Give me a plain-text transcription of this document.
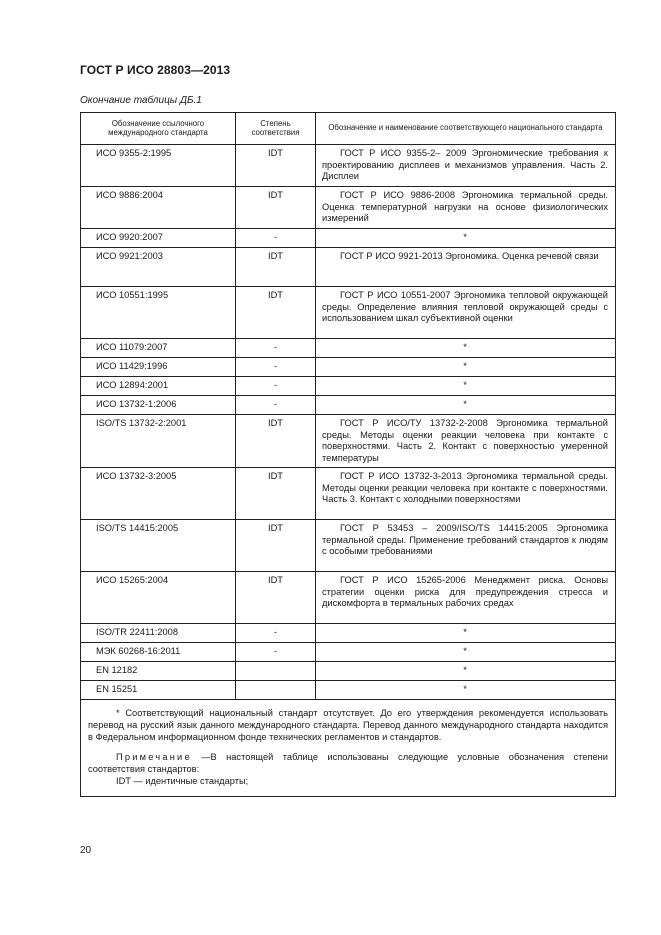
ГОСТ Р ИСО 28803—2013
Окончание таблицы ДБ.1
Обозначение ссылочного международного стандарта	Степень соответствия	Обозначение и наименование соответствующего национального стандарта
ИСО 9355-2:1995	IDT	ГОСТ Р ИСО 9355-2– 2009 Эргономические требования к проектированию дисплеев и механизмов управления. Часть 2. Дисплеи
ИСО 9886:2004	IDT	ГОСТ Р ИСО 9886-2008 Эргономика термальной среды. Оценка температурной нагрузки на основе физиологических измерений
ИСО 9920:2007	-	*
ИСО 9921:2003	IDT	ГОСТ Р ИСО 9921-2013 Эргономика. Оценка речевой связи
ИСО 10551:1995	IDT	ГОСТ Р ИСО 10551-2007 Эргономика тепловой окружающей среды. Определение влияния тепловой окружающей среды с использованием шкал субъективной оценки
ИСО 11079:2007	-	*
ИСО 11429:1996	-	*
ИСО 12894:2001	-	*
ИСО 13732-1:2006	-	*
ISO/TS 13732-2:2001	IDT	ГОСТ Р ИСО/ТУ 13732-2-2008 Эргономика термальной среды. Методы оценки реакции человека при контакте с поверхностями. Часть 2. Контакт с поверхностью умеренной температуры
ИСО 13732-3:2005	IDT	ГОСТ Р ИСО 13732-3-2013 Эргономика термальной среды. Методы оценки реакции человека при контакте с поверхностями. Часть 3. Контакт с холодными поверхностями
ISO/TS 14415:2005	IDT	ГОСТ Р 53453 – 2009/ISO/TS 14415:2005 Эргономика термальной среды. Применение требований стандартов к людям с особыми требованиями
ИСО 15265:2004	IDT	ГОСТ Р ИСО 15265-2006 Менеджмент риска. Основы стратегии оценки риска для предупреждения стресса и дискомфорта в термальных рабочих средах
ISO/TR 22411:2008	-	*
МЭК 60268-16:2011	-	*
EN 12182		*
EN 15251		*

* Соответствующий национальный стандарт отсутствует. До его утверждения рекомендуется использовать перевод на русский язык данного международного стандарта. Перевод данного международного стандарта находится в Федеральном информационном фонде технических регламентов и стандартов.

Примечание —В настоящей таблице использованы следующие условные обозначения степени соответствия стандартов:

IDT — идентичные стандарты;		

20
